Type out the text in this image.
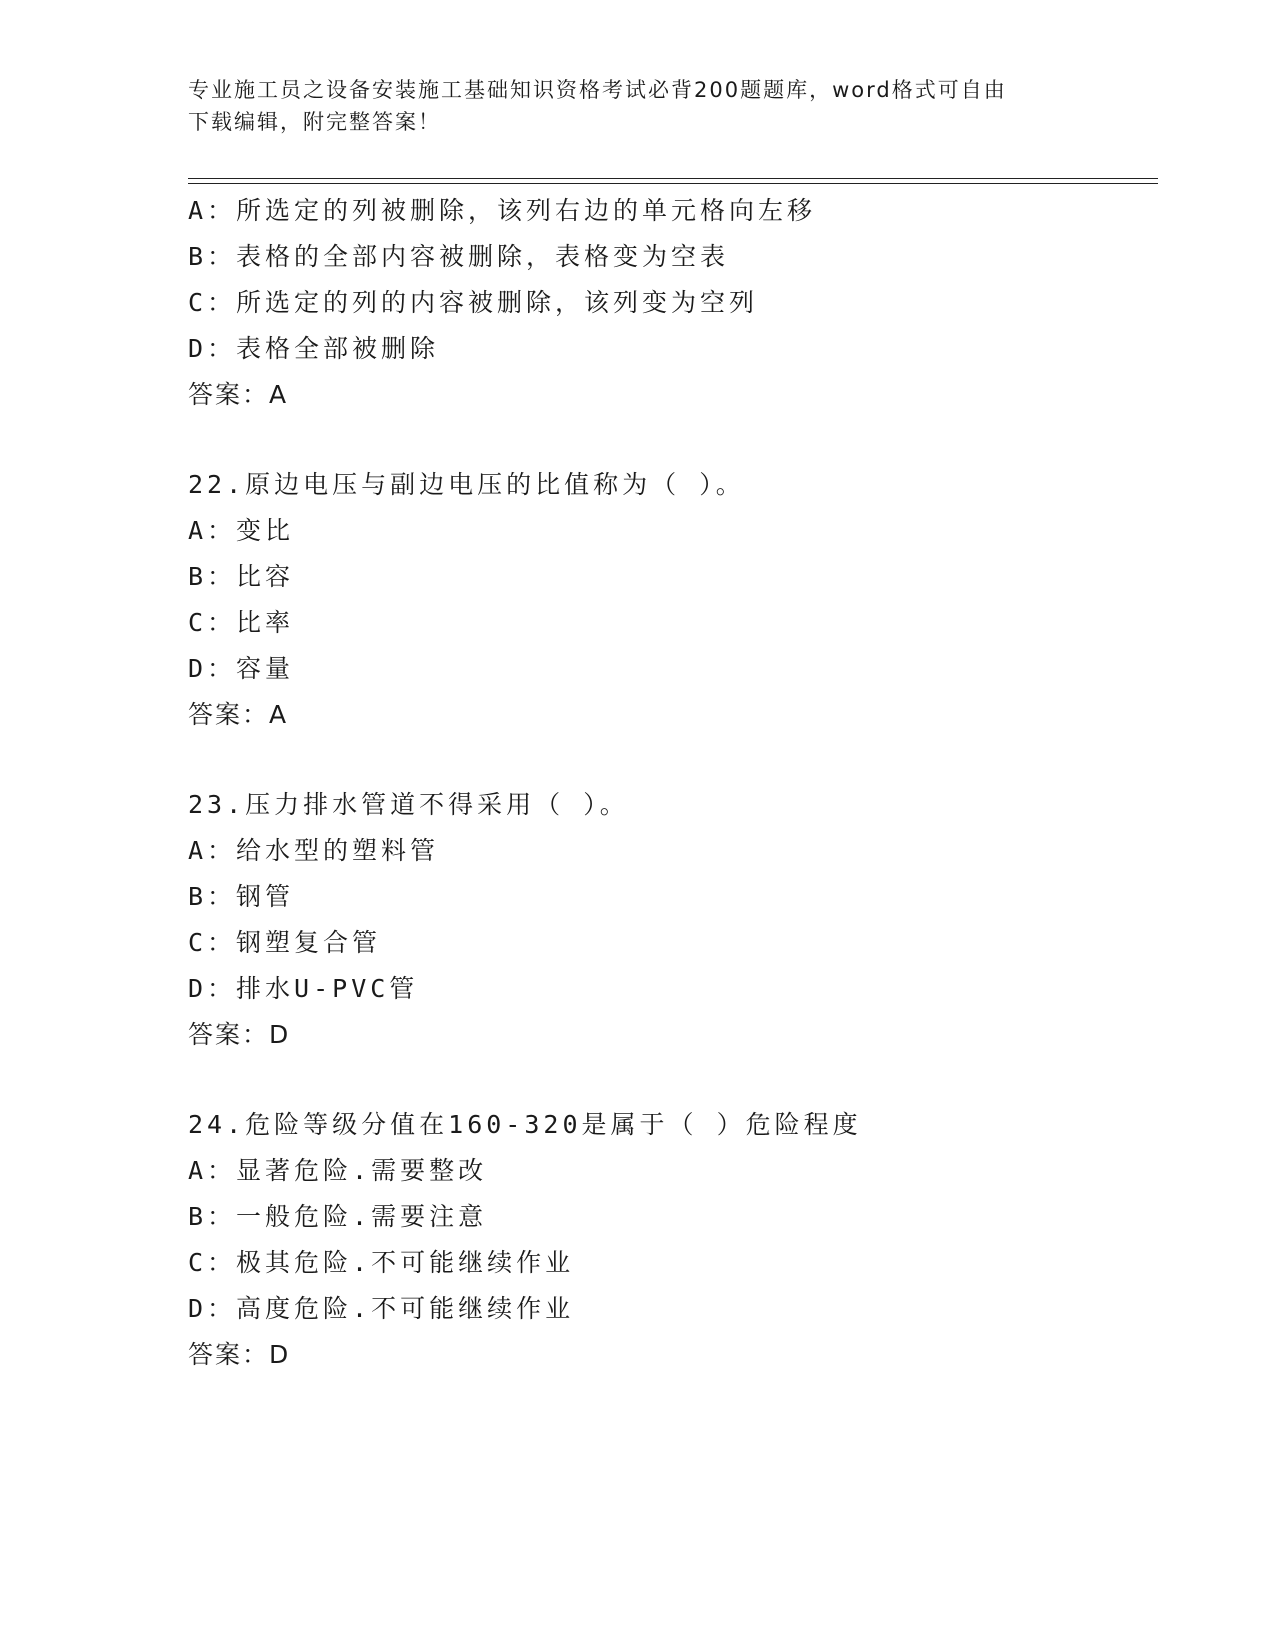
专业施工员之设备安装施工基础知识资格考试必背200题题库，word格式可自由
下载编辑，附完整答案！
A：所选定的列被删除，该列右边的单元格向左移
B：表格的全部内容被删除，表格变为空表
C：所选定的列的内容被删除，该列变为空列
D：表格全部被删除
答案：A
22.原边电压与副边电压的比值称为（ ）。
A：变比
B：比容
C：比率
D：容量
答案：A
23.压力排水管道不得采用（ ）。
A：给水型的塑料管
B：钢管
C：钢塑复合管
D：排水U-PVC管
答案：D
24.危险等级分值在160-320是属于（ ）危险程度
A：显著危险.需要整改
B：一般危险.需要注意
C：极其危险.不可能继续作业
D：高度危险.不可能继续作业
答案：D
